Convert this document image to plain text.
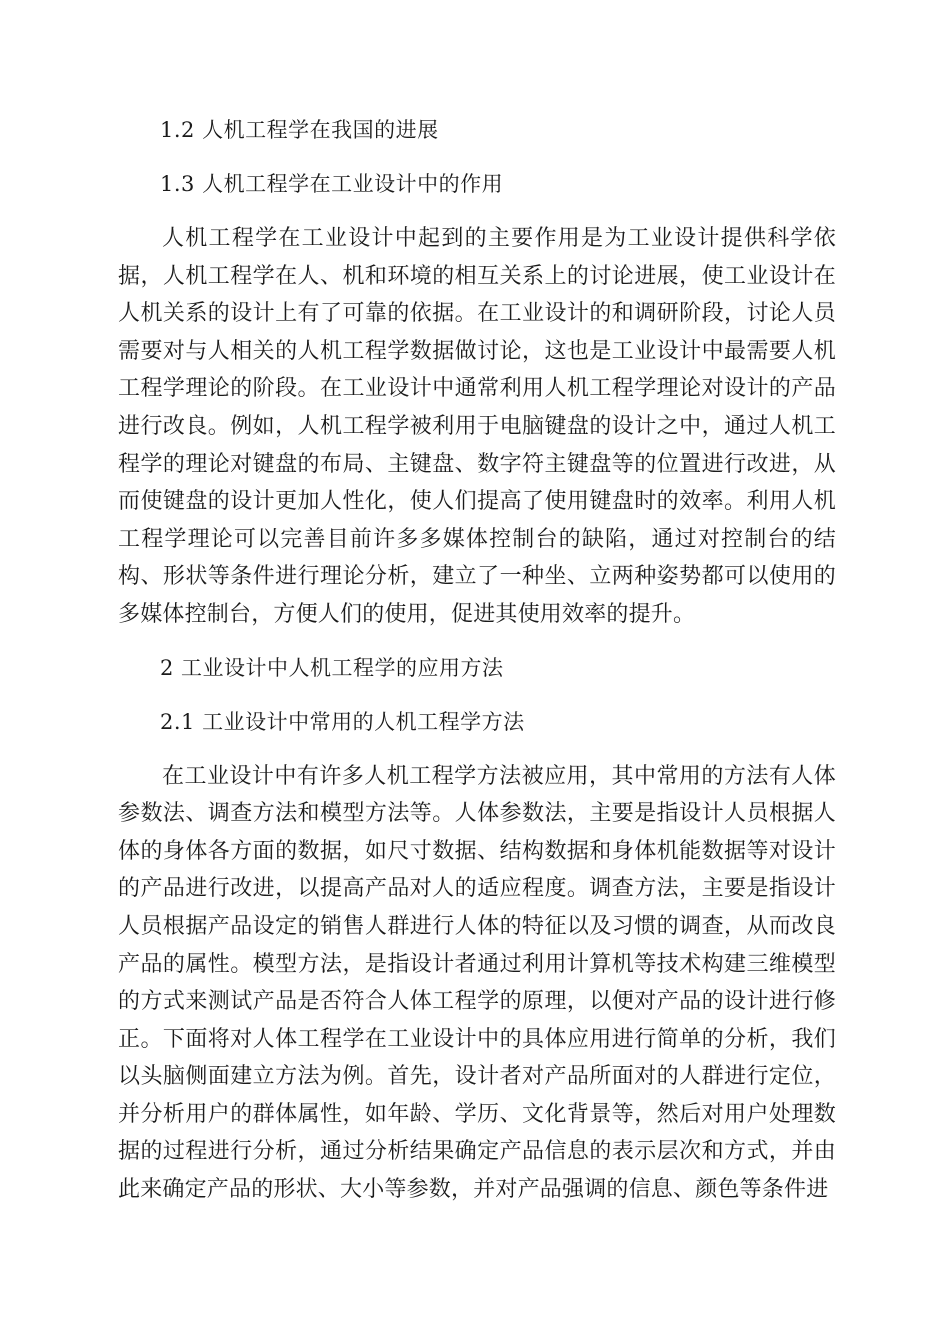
1.2 人机工程学在我国的进展
1.3 人机工程学在工业设计中的作用

人机工程学在工业设计中起到的主要作用是为工业设计提供科学依据，人机工程学在人、机和环境的相互关系上的讨论进展，使工业设计在人机关系的设计上有了可靠的依据。在工业设计的和调研阶段，讨论人员需要对与人相关的人机工程学数据做讨论，这也是工业设计中最需要人机工程学理论的阶段。在工业设计中通常利用人机工程学理论对设计的产品进行改良。例如，人机工程学被利用于电脑键盘的设计之中，通过人机工程学的理论对键盘的布局、主键盘、数字符主键盘等的位置进行改进，从而使键盘的设计更加人性化，使人们提高了使用键盘时的效率。利用人机工程学理论可以完善目前许多多媒体控制台的缺陷，通过对控制台的结构、形状等条件进行理论分析，建立了一种坐、立两种姿势都可以使用的多媒体控制台，方便人们的使用，促进其使用效率的提升。

2 工业设计中人机工程学的应用方法
2.1 工业设计中常用的人机工程学方法

在工业设计中有许多人机工程学方法被应用，其中常用的方法有人体参数法、调查方法和模型方法等。人体参数法，主要是指设计人员根据人体的身体各方面的数据，如尺寸数据、结构数据和身体机能数据等对设计的产品进行改进，以提高产品对人的适应程度。调查方法，主要是指设计人员根据产品设定的销售人群进行人体的特征以及习惯的调查，从而改良产品的属性。模型方法，是指设计者通过利用计算机等技术构建三维模型的方式来测试产品是否符合人体工程学的原理，以便对产品的设计进行修正。下面将对人体工程学在工业设计中的具体应用进行简单的分析，我们以头脑侧面建立方法为例。首先，设计者对产品所面对的人群进行定位，并分析用户的群体属性，如年龄、学历、文化背景等，然后对用户处理数据的过程进行分析，通过分析结果确定产品信息的表示层次和方式，并由此来确定产品的形状、大小等参数，并对产品强调的信息、颜色等条件进
